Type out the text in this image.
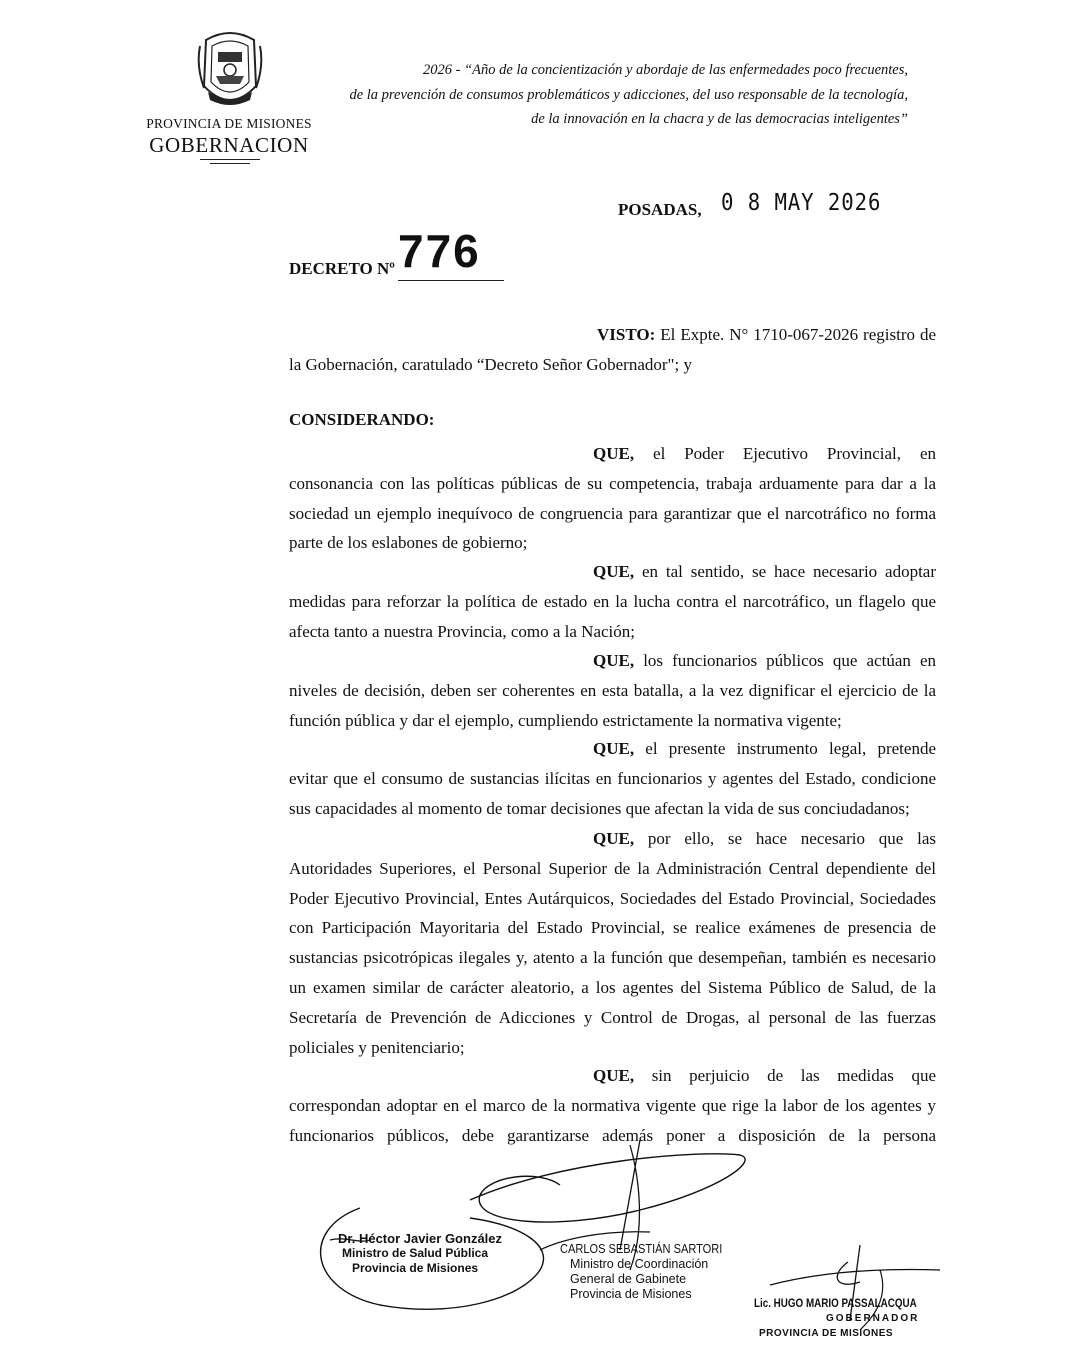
PROVINCIA DE MISIONES
GOBERNACION
2026 - “Año de la concientización y abordaje de las enfermedades poco frecuentes,
de la prevención de consumos problemáticos y adicciones, del uso responsable de la tecnología,
de la innovación en la chacra y de las democracias inteligentes”
POSADAS, 0 8 MAY 2026
DECRETO Nº 776

VISTO: El Expte. N° 1710-067-2026 registro de la Gobernación, caratulado “Decreto Señor Gobernador"; y

CONSIDERANDO:

QUE, el Poder Ejecutivo Provincial, en consonancia con las políticas públicas de su competencia, trabaja arduamente para dar a la sociedad un ejemplo inequívoco de congruencia para garantizar que el narcotráfico no forma parte de los eslabones de gobierno;

QUE, en tal sentido, se hace necesario adoptar medidas para reforzar la política de estado en la lucha contra el narcotráfico, un flagelo que afecta tanto a nuestra Provincia, como a la Nación;

QUE, los funcionarios públicos que actúan en niveles de decisión, deben ser coherentes en esta batalla, a la vez dignificar el ejercicio de la función pública y dar el ejemplo, cumpliendo estrictamente la normativa vigente;

QUE, el presente instrumento legal, pretende evitar que el consumo de sustancias ilícitas en funcionarios y agentes del Estado, condicione sus capacidades al momento de tomar decisiones que afectan la vida de sus conciudadanos;

QUE, por ello, se hace necesario que las Autoridades Superiores, el Personal Superior de la Administración Central dependiente del Poder Ejecutivo Provincial, Entes Autárquicos, Sociedades del Estado Provincial, Sociedades con Participación Mayoritaria del Estado Provincial, se realice exámenes de presencia de sustancias psicotrópicas ilegales y, atento a la función que desempeñan, también es necesario un examen similar de carácter aleatorio, a los agentes del Sistema Público de Salud, de la Secretaría de Prevención de Adicciones y Control de Drogas, al personal de las fuerzas policiales y penitenciario;

QUE, sin perjuicio de las medidas que correspondan adoptar en el marco de la normativa vigente que rige la labor de los agentes y funcionarios públicos, debe garantizarse además poner a disposición de la persona

Dr. Héctor Javier González
Ministro de Salud Pública
Provincia de Misiones
CARLOS SEBASTIÁN SARTORI
Ministro de Coordinación General de Gabinete
Provincia de Misiones
Lic. HUGO MARIO PASSALACQUA
GOBERNADOR
PROVINCIA DE MISIONES
